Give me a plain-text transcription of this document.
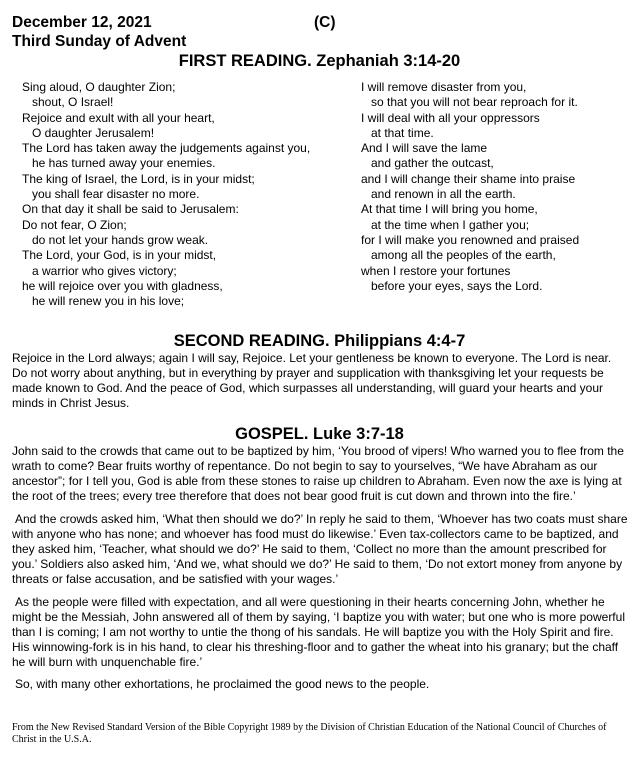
December 12, 2021	(C)
Third Sunday of Advent
FIRST READING. Zephaniah 3:14-20
Sing aloud, O daughter Zion;
shout, O Israel!
Rejoice and exult with all your heart,
O daughter Jerusalem!
The Lord has taken away the judgements against you,
he has turned away your enemies.
The king of Israel, the Lord, is in your midst;
you shall fear disaster no more.
On that day it shall be said to Jerusalem:
Do not fear, O Zion;
do not let your hands grow weak.
The Lord, your God, is in your midst,
a warrior who gives victory;
he will rejoice over you with gladness,
he will renew you in his love;
I will remove disaster from you,
so that you will not bear reproach for it.
I will deal with all your oppressors
at that time.
And I will save the lame
and gather the outcast,
and I will change their shame into praise
and renown in all the earth.
At that time I will bring you home,
at the time when I gather you;
for I will make you renowned and praised
among all the peoples of the earth,
when I restore your fortunes
before your eyes, says the Lord.
SECOND READING. Philippians 4:4-7
Rejoice in the Lord always; again I will say, Rejoice. Let your gentleness be known to everyone. The Lord is near. Do not worry about anything, but in everything by prayer and supplication with thanksgiving let your requests be made known to God. And the peace of God, which surpasses all understanding, will guard your hearts and your minds in Christ Jesus.
GOSPEL. Luke 3:7-18
John said to the crowds that came out to be baptized by him, ‘You brood of vipers! Who warned you to flee from the wrath to come? Bear fruits worthy of repentance. Do not begin to say to yourselves, “We have Abraham as our ancestor”; for I tell you, God is able from these stones to raise up children to Abraham. Even now the axe is lying at the root of the trees; every tree therefore that does not bear good fruit is cut down and thrown into the fire.’
And the crowds asked him, ‘What then should we do?’ In reply he said to them, ‘Whoever has two coats must share with anyone who has none; and whoever has food must do likewise.’ Even tax-collectors came to be baptized, and they asked him, ‘Teacher, what should we do?’ He said to them, ‘Collect no more than the amount prescribed for you.’ Soldiers also asked him, ‘And we, what should we do?’ He said to them, ‘Do not extort money from anyone by threats or false accusation, and be satisfied with your wages.’
As the people were filled with expectation, and all were questioning in their hearts concerning John, whether he might be the Messiah, John answered all of them by saying, ‘I baptize you with water; but one who is more powerful than I is coming; I am not worthy to untie the thong of his sandals. He will baptize you with the Holy Spirit and fire. His winnowing-fork is in his hand, to clear his threshing-floor and to gather the wheat into his granary; but the chaff he will burn with unquenchable fire.’
So, with many other exhortations, he proclaimed the good news to the people.
From the New Revised Standard Version of the Bible Copyright 1989 by the Division of Christian Education of the National Council of Churches of Christ in the U.S.A.
